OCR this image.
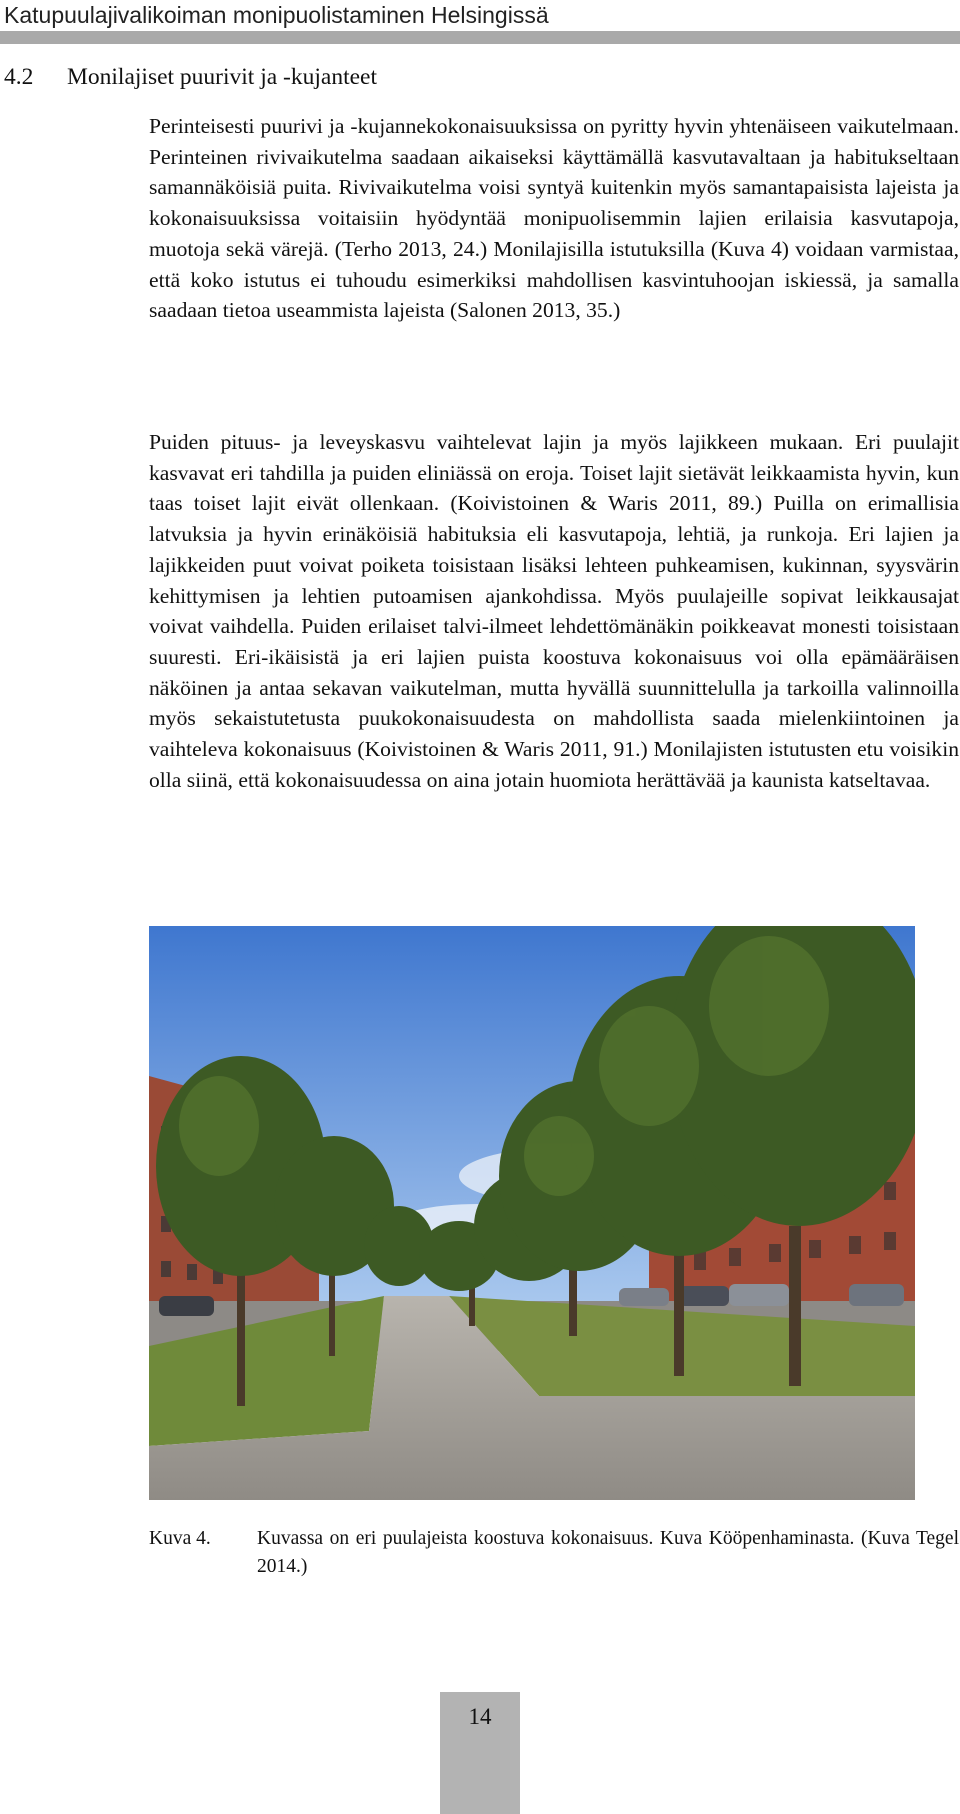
Katupuulajivalikoiman monipuolistaminen Helsingissä
4.2 Monilajiset puurivit ja -kujanteet

Perinteisesti puurivi ja -kujannekokonaisuuksissa on pyritty hyvin yhtenäiseen vaikutelmaan. Perinteinen rivivaikutelma saadaan aikaiseksi käyttämällä kasvutavaltaan ja habitukseltaan samannäköisiä puita. Rivivaikutelma voisi syntyä kuitenkin myös samantapaisista lajeista ja kokonaisuuksissa voitaisiin hyödyntää monipuolisemmin lajien erilaisia kasvutapoja, muotoja sekä värejä. (Terho 2013, 24.) Monilajisilla istutuksilla (Kuva 4) voidaan varmistaa, että koko istutus ei tuhoudu esimerkiksi mahdollisen kasvintuhoojan iskiessä, ja samalla saadaan tietoa useammista lajeista (Salonen 2013, 35.)

Puiden pituus- ja leveyskasvu vaihtelevat lajin ja myös lajikkeen mukaan. Eri puulajit kasvavat eri tahdilla ja puiden eliniässä on eroja. Toiset lajit sietävät leikkaamista hyvin, kun taas toiset lajit eivät ollenkaan. (Koivistoinen & Waris 2011, 89.) Puilla on erimallisia latvuksia ja hyvin erinäköisiä habituksia eli kasvutapoja, lehtiä, ja runkoja. Eri lajien ja lajikkeiden puut voivat poiketa toisistaan lisäksi lehteen puhkeamisen, kukinnan, syysvärin kehittymisen ja lehtien putoamisen ajankohdissa. Myös puulajeille sopivat leikkausajat voivat vaihdella. Puiden erilaiset talvi-ilmeet lehdettömänäkin poikkeavat monesti toisistaan suuresti. Eri-ikäisistä ja eri lajien puista koostuva kokonaisuus voi olla epämääräisen näköinen ja antaa sekavan vaikutelman, mutta hyvällä suunnittelulla ja tarkoilla valinnoilla myös sekaistutetusta puukokonaisuudesta on mahdollista saada mielenkiintoinen ja vaihteleva kokonaisuus (Koivistoinen & Waris 2011, 91.) Monilajisten istutusten etu voisikin olla siinä, että kokonaisuudessa on aina jotain huomiota herättävää ja kaunista katseltavaa.

Kuva 4. Kuvassa on eri puulajeista koostuva kokonaisuus. Kuva Kööpenhaminasta. (Kuva Tegel 2014.)

14
